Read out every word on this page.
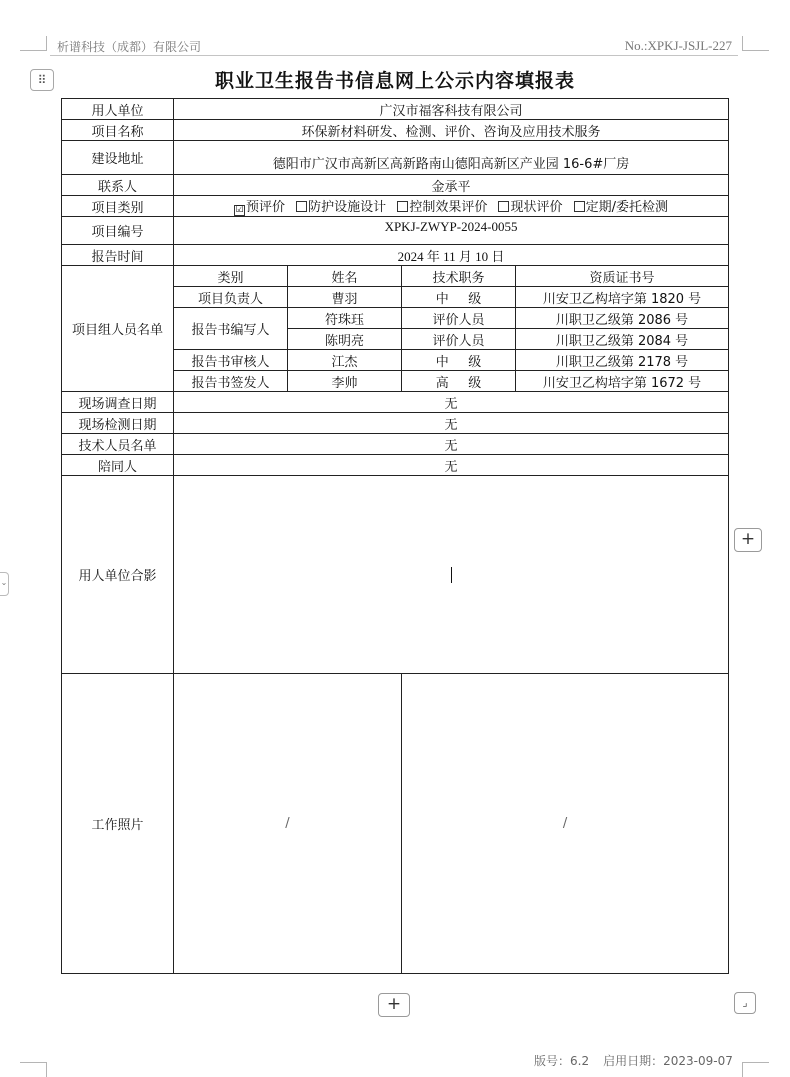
析谱科技（成都）有限公司	No.:XPKJ-JSJL-227
⠿	职业卫生报告书信息网上公示内容填报表
用人单位	广汉市福客科技有限公司			
项目名称	环保新材料研发、检测、评价、咨询及应用技术服务			
建设地址	德阳市广汉市高新区高新路南山德阳高新区产业园 16-6#厂房			
联系人	金承平			
项目类别	☑ 预评价 防护设施设计 控制效果评价 现状评价 定期/委托检测			
项目编号	XPKJ-ZWYP-2024-0055			
报告时间	2024 年 11 月 10 日			
项目组人员名单	类别	姓名	技术职务	资质证书号
	项目负责人	曹羽	中 级	川安卫乙构培字第 1820 号
	报告书编写人	符珠珏	评价人员	川职卫乙级第 2086 号
		陈明亮	评价人员	川职卫乙级第 2084 号
	报告书审核人	江杰	中 级	川职卫乙级第 2178 号
	报告书签发人	李帅	高 级	川安卫乙构培字第 1672 号
现场调查日期	无			
现场检测日期	无			
技术人员名单	无			
陪同人	无			
用人单位合影				
工作照片	/		/	
+
+	⌟
⌄
版号：6.2 启用日期：2023-09-07
